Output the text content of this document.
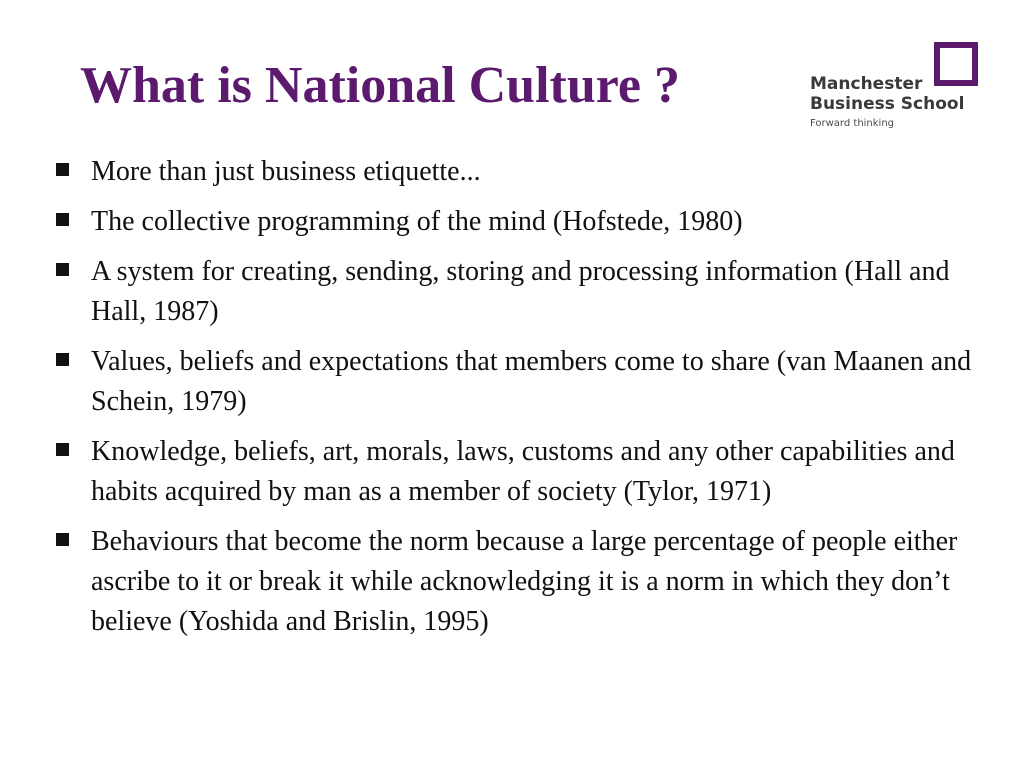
What is National Culture ?	Manchester
Business School
Forward thinking
More than just business etiquette...
The collective programming of the mind (Hofstede, 1980)
A system for creating, sending, storing and processing information (Hall and Hall, 1987)
Values, beliefs and expectations that members come to share (van Maanen and Schein, 1979)
Knowledge, beliefs, art, morals, laws, customs and any other capabilities and habits acquired by man as a member of society (Tylor, 1971)
Behaviours that become the norm because a large percentage of people either ascribe to it or break it while acknowledging it is a norm in which they don’t believe (Yoshida and Brislin, 1995)
